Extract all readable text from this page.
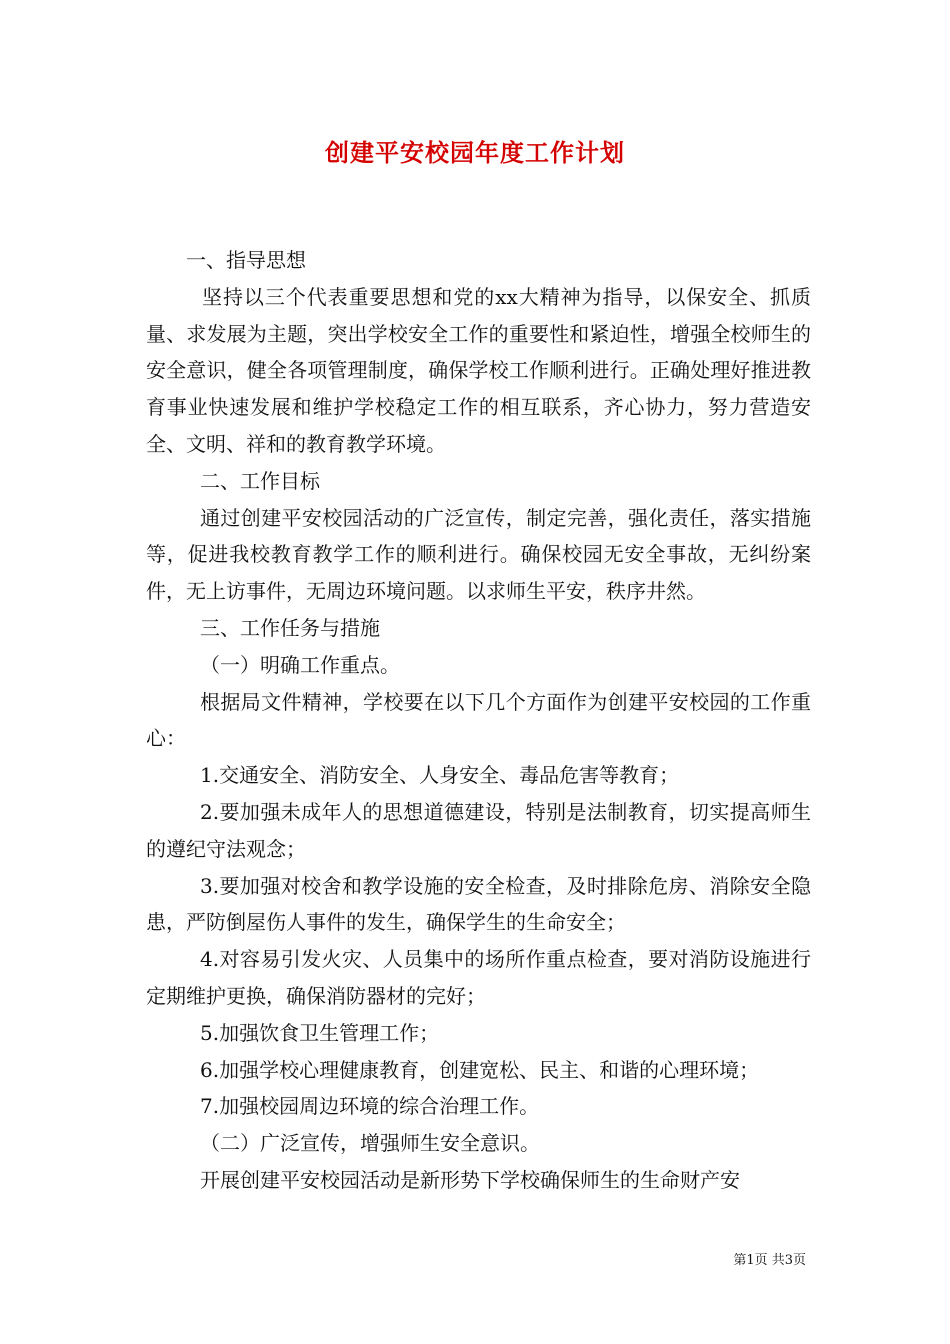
创建平安校园年度工作计划

一、指导思想

坚持以三个代表重要思想和党的xx大精神为指导，以保安全、抓质量、求发展为主题，突出学校安全工作的重要性和紧迫性，增强全校师生的安全意识，健全各项管理制度，确保学校工作顺利进行。正确处理好推进教育事业快速发展和维护学校稳定工作的相互联系，齐心协力，努力营造安全、文明、祥和的教育教学环境。

二、工作目标

通过创建平安校园活动的广泛宣传，制定完善，强化责任，落实措施等，促进我校教育教学工作的顺利进行。确保校园无安全事故，无纠纷案件，无上访事件，无周边环境问题。以求师生平安，秩序井然。

三、工作任务与措施

（一）明确工作重点。

根据局文件精神，学校要在以下几个方面作为创建平安校园的工作重心：

1.交通安全、消防安全、人身安全、毒品危害等教育；

2.要加强未成年人的思想道德建设，特别是法制教育，切实提高师生的遵纪守法观念；

3.要加强对校舍和教学设施的安全检查，及时排除危房、消除安全隐患，严防倒屋伤人事件的发生，确保学生的生命安全；

4.对容易引发火灾、人员集中的场所作重点检查，要对消防设施进行定期维护更换，确保消防器材的完好；

5.加强饮食卫生管理工作；

6.加强学校心理健康教育，创建宽松、民主、和谐的心理环境；

7.加强校园周边环境的综合治理工作。

（二）广泛宣传，增强师生安全意识。

开展创建平安校园活动是新形势下学校确保师生的生命财产安

第1页 共3页
